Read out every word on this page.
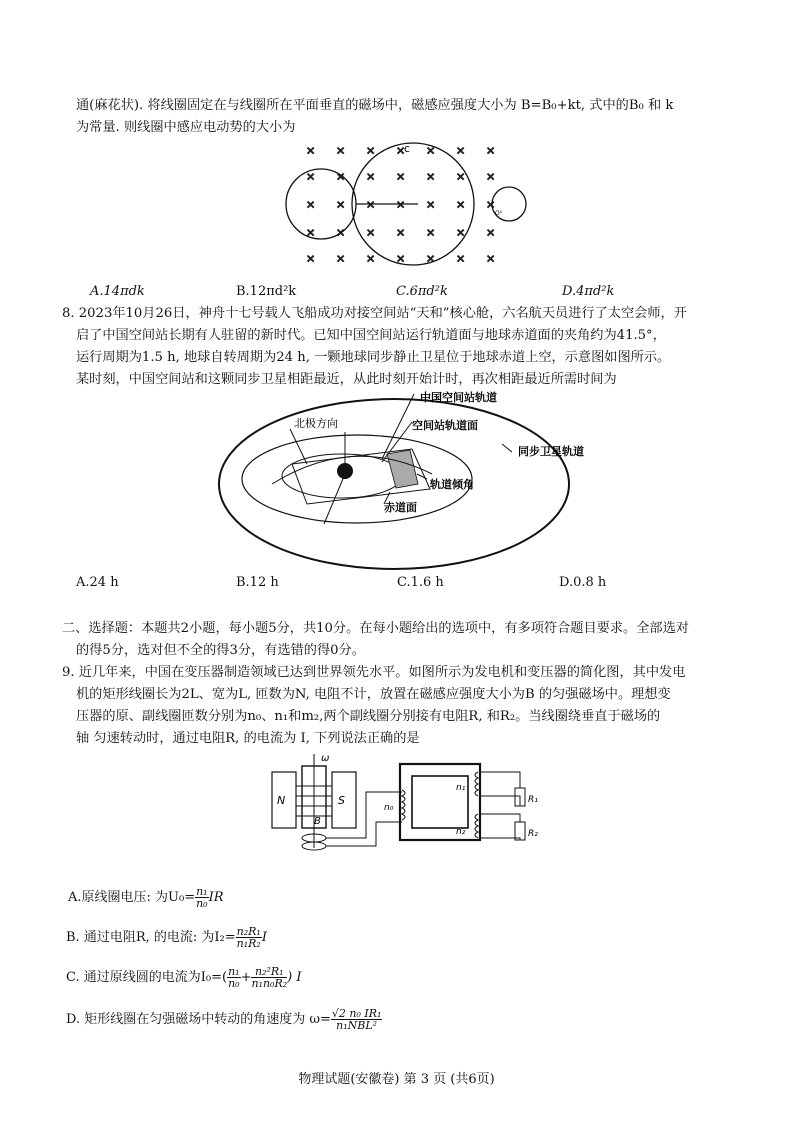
通(麻花状). 将线圈固定在与线圈所在平面垂直的磁场中，磁感应强度大小为 B=B₀+kt, 式中的B₀ 和 k
为常量. 则线圈中感应电动势的大小为
× × × × × × ×
× × × × × × ×
× × × × × × ×
× × × × × × ×
× × × × × × ×
c
O¹
A.14πdk	B.12πd²k	C.6πd²k	D.4πd²k
8. 2023年10月26日，神舟十七号载人飞船成功对接空间站“天和”核心舱，六名航天员进行了太空会师，开
启了中国空间站长期有人驻留的新时代。已知中国空间站运行轨道面与地球赤道面的夹角约为41.5°，
运行周期为1.5 h, 地球自转周期为24 h, 一颗地球同步静止卫星位于地球赤道上空，示意图如图所示。
某时刻，中国空间站和这颗同步卫星相距最近，从此时刻开始计时，再次相距最近所需时间为
中国空间站轨道
北极方向	空间站轨道面
同步卫星轨道
轨道倾角
赤道面
A.24 h	B.12 h	C.1.6 h	D.0.8 h
二、选择题：本题共2小题，每小题5分，共10分。在每小题给出的选项中，有多项符合题目要求。全部选对
的得5分，选对但不全的得3分，有选错的得0分。
9. 近几年来，中国在变压器制造领域已达到世界领先水平。如图所示为发电机和变压器的简化图，其中发电
机的矩形线圈长为2L、宽为L, 匝数为N, 电阻不计，放置在磁感应强度大小为B 的匀强磁场中。理想变
压器的原、副线圈匝数分别为n₀、n₁和m₂,两个副线圈分别接有电阻R, 和R₂。当线圈绕垂直于磁场的
轴 匀速转动时，通过电阻R, 的电流为 I, 下列说法正确的是
ω
N	S
B
n₀
n₁
n₂
R₁
R₂
A.原线圈电压: 为$U_0= \frac{\text{n₁}}{\text{n₀}}$ IR
B. 通过电阻R, 的电流: 为$I_2= \frac{\text{n₂R₁}}{\text{n₁R₂}}$ I
C. 通过原线圆的电流为$I_0=( \frac{\text{n₁}}{\text{n₀}} + \frac{\text{n₂²R₁}}{\text{n₁n₀R₂}}$ ) I
D. 矩形线圈在匀强磁场中转动的角速度为 $\omega= \frac{\text{√2 n₀ IR₁}}{\text{n₁NBL²}}$
物理试题(安徽卷) 第 3 页 (共6页)
